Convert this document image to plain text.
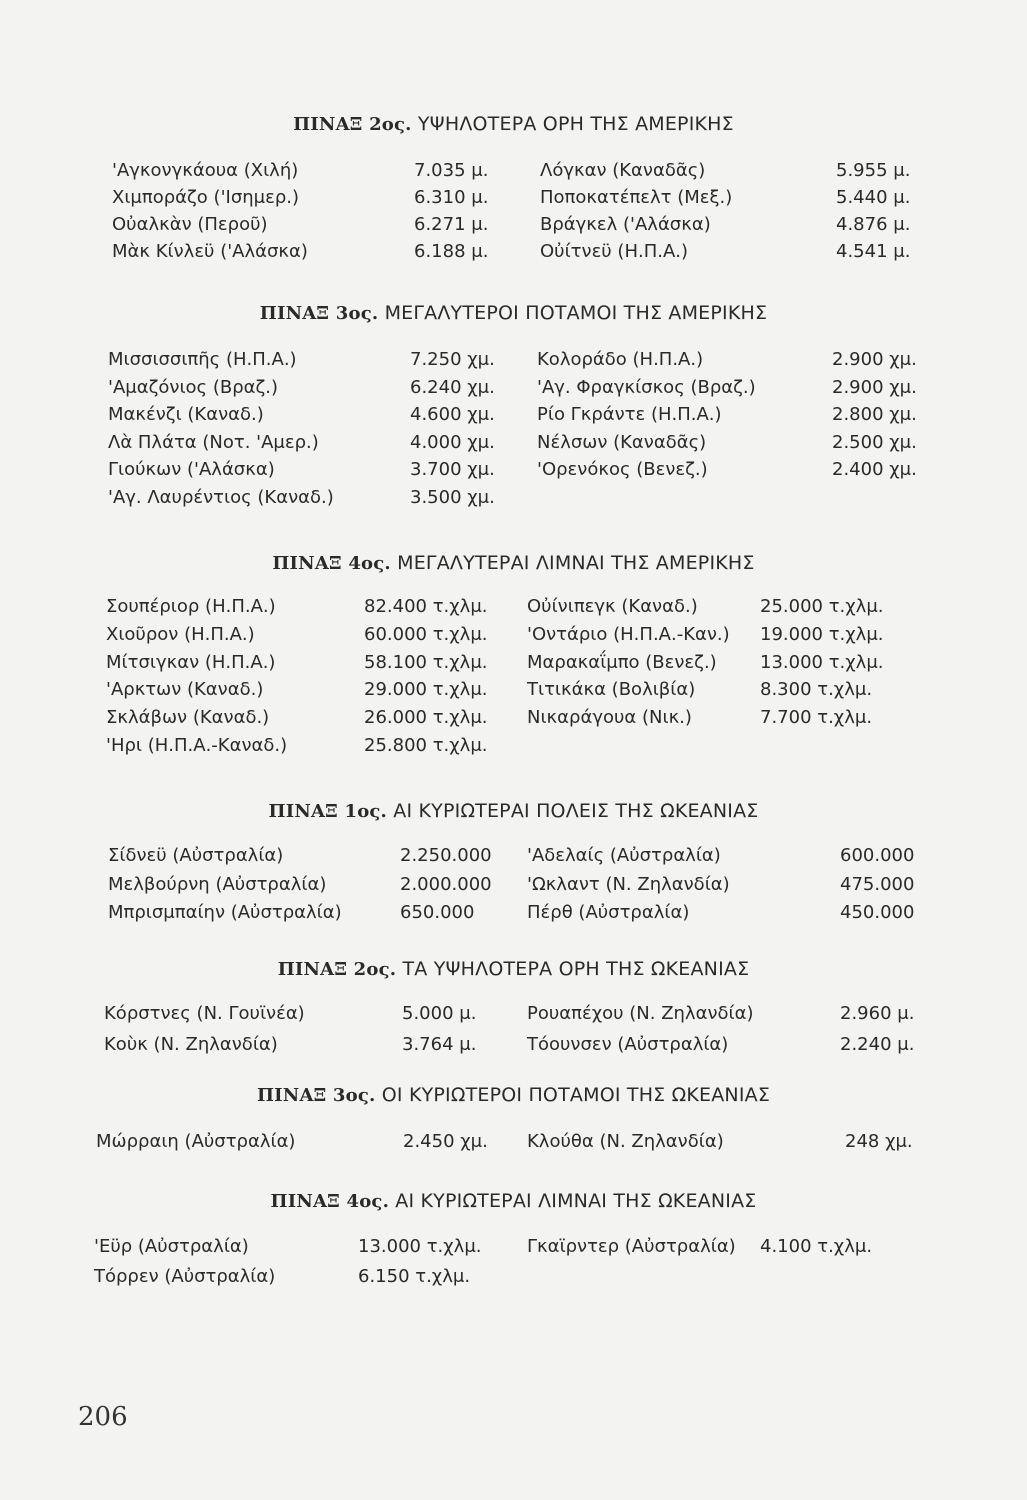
ΠΙΝΑΞ 2ος. ΥΨΗΛΟΤΕΡΑ ΟΡΗ ΤΗΣ ΑΜΕΡΙΚΗΣ
'Αγκονγκάουα (Χιλή)	7.035 μ.	Λόγκαν (Καναδᾶς)	5.955 μ.
Χιμποράζο ('Ισημερ.)	6.310 μ.	Ποποκατέπελτ (Μεξ.)	5.440 μ.
Οὐαλκὰν (Περοῦ)	6.271 μ.	Βράγκελ ('Αλάσκα)	4.876 μ.
Μὰκ Κίνλεϋ ('Αλάσκα)	6.188 μ.	Οὐίτνεϋ (Η.Π.Α.)	4.541 μ.
ΠΙΝΑΞ 3ος. ΜΕΓΑΛΥΤΕΡΟΙ ΠΟΤΑΜΟΙ ΤΗΣ ΑΜΕΡΙΚΗΣ
Μισσισσιπῆς (Η.Π.Α.)	7.250 χμ. Κολοράδο (Η.Π.Α.)	2.900 χμ.
'Αμαζόνιος (Βραζ.)	6.240 χμ. 'Αγ. Φραγκίσκος (Βραζ.)	2.900 χμ.
Μακένζι (Καναδ.)	4.600 χμ. Ρίο Γκράντε (Η.Π.Α.)	2.800 χμ.
Λὰ Πλάτα (Νοτ. 'Αμερ.)	4.000 χμ. Νέλσων (Καναδᾶς)	2.500 χμ.
Γιούκων ('Αλάσκα)	3.700 χμ. 'Ορενόκος (Βενεζ.)	2.400 χμ.
'Αγ. Λαυρέντιος (Καναδ.)	3.500 χμ.
ΠΙΝΑΞ 4ος. ΜΕΓΑΛΥΤΕΡΑΙ ΛΙΜΝΑΙ ΤΗΣ ΑΜΕΡΙΚΗΣ
Σουπέριορ (Η.Π.Α.)	82.400 τ.χλμ. Οὐίνιπεγκ (Καναδ.)	25.000 τ.χλμ.
Χιοῦρον (Η.Π.Α.)	60.000 τ.χλμ. 'Οντάριο (Η.Π.Α.-Καν.) 19.000 τ.χλμ.
Μίτσιγκαν (Η.Π.Α.)	58.100 τ.χλμ. Μαρακαΐμπο (Βενεζ.) 13.000 τ.χλμ.
'Αρκτων (Καναδ.)	29.000 τ.χλμ. Τιτικάκα (Βολιβία)	8.300 τ.χλμ.
Σκλάβων (Καναδ.)	26.000 τ.χλμ. Νικαράγουα (Νικ.)	7.700 τ.χλμ.
'Ηρι (Η.Π.Α.-Καναδ.)	25.800 τ.χλμ.
ΠΙΝΑΞ 1ος. ΑΙ ΚΥΡΙΩΤΕΡΑΙ ΠΟΛΕΙΣ ΤΗΣ ΩΚΕΑΝΙΑΣ
Σίδνεϋ (Αὐστραλία)	2.250.000 'Αδελαίς (Αὐστραλία)	600.000
Μελβούρνη (Αὐστραλία)	2.000.000 'Ωκλαντ (Ν. Ζηλανδία)	475.000
Μπρισμπαίην (Αὐστραλία)	650.000	Πέρθ (Αὐστραλία)	450.000
ΠΙΝΑΞ 2ος. ΤΑ ΥΨΗΛΟΤΕΡΑ ΟΡΗ ΤΗΣ ΩΚΕΑΝΙΑΣ
Κόρστνες (Ν. Γουϊνέα)	5.000 μ.	Ρουαπέχου (Ν. Ζηλανδία)	2.960 μ.
Κοὺκ (Ν. Ζηλανδία)	3.764 μ.	Τόουνσεν (Αὐστραλία)	2.240 μ.
ΠΙΝΑΞ 3ος. ΟΙ ΚΥΡΙΩΤΕΡΟΙ ΠΟΤΑΜΟΙ ΤΗΣ ΩΚΕΑΝΙΑΣ
Μώρραιη (Αὐστραλία)	2.450 χμ. Κλούθα (Ν. Ζηλανδία)	248 χμ.
ΠΙΝΑΞ 4ος. ΑΙ ΚΥΡΙΩΤΕΡΑΙ ΛΙΜΝΑΙ ΤΗΣ ΩΚΕΑΝΙΑΣ
'Εϋρ (Αὐστραλία)	13.000 τ.χλμ.	Γκαϊρντερ (Αὐστραλία) 4.100 τ.χλμ.
Τόρρεν (Αὐστραλία)	6.150 τ.χλμ.
206
